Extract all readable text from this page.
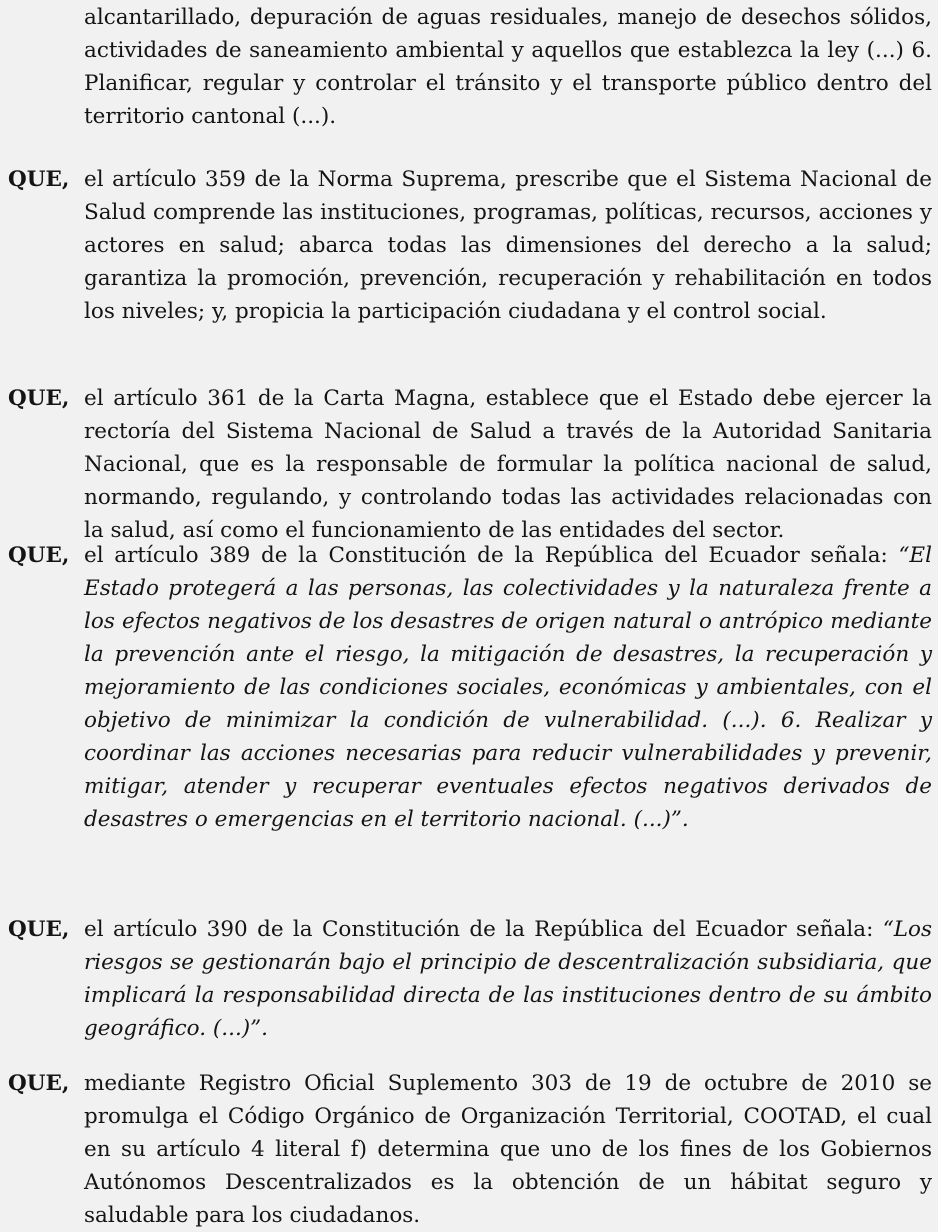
alcantarillado, depuración de aguas residuales, manejo de desechos sólidos, actividades de saneamiento ambiental y aquellos que establezca la ley (...) 6. Planificar, regular y controlar el tránsito y el transporte público dentro del territorio cantonal (...).

QUE, el artículo 359 de la Norma Suprema, prescribe que el Sistema Nacional de Salud comprende las instituciones, programas, políticas, recursos, acciones y actores en salud; abarca todas las dimensiones del derecho a la salud; garantiza la promoción, prevención, recuperación y rehabilitación en todos los niveles; y, propicia la participación ciudadana y el control social.

QUE, el artículo 361 de la Carta Magna, establece que el Estado debe ejercer la rectoría del Sistema Nacional de Salud a través de la Autoridad Sanitaria Nacional, que es la responsable de formular la política nacional de salud, normando, regulando, y controlando todas las actividades relacionadas con la salud, así como el funcionamiento de las entidades del sector.

QUE, el artículo 389 de la Constitución de la República del Ecuador señala: “El Estado protegerá a las personas, las colectividades y la naturaleza frente a los efectos negativos de los desastres de origen natural o antrópico mediante la prevención ante el riesgo, la mitigación de desastres, la recuperación y mejoramiento de las condiciones sociales, económicas y ambientales, con el objetivo de minimizar la condición de vulnerabilidad. (...). 6. Realizar y coordinar las acciones necesarias para reducir vulnerabilidades y prevenir, mitigar, atender y recuperar eventuales efectos negativos derivados de desastres o emergencias en el territorio nacional. (...)”.

QUE, el artículo 390 de la Constitución de la República del Ecuador señala: “Los riesgos se gestionarán bajo el principio de descentralización subsidiaria, que implicará la responsabilidad directa de las instituciones dentro de su ámbito geográfico. (...)”.

QUE, mediante Registro Oficial Suplemento 303 de 19 de octubre de 2010 se promulga el Código Orgánico de Organización Territorial, COOTAD, el cual en su artículo 4 literal f) determina que uno de los fines de los Gobiernos Autónomos Descentralizados es la obtención de un hábitat seguro y saludable para los ciudadanos.
